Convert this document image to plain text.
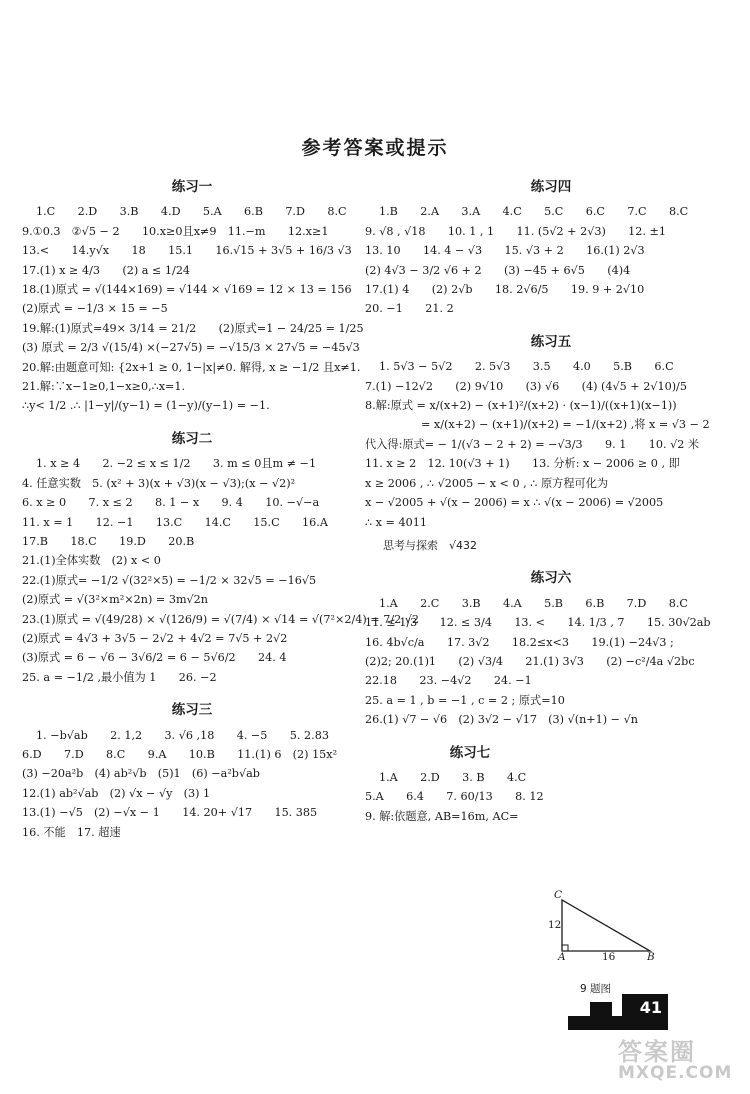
参考答案或提示
练习一
1.C　　2.D　　3.B　　4.D　　5.A　　6.B　　7.D　　8.C
9.①0.3　②√5 − 2　　10.x≥0且x≠9　11.−m　　12.x≥1
13.<　　14.y√x　　18　　15.1　　16.√15 + 3√5 + 16/3 √3
17.(1) x ≥ 4/3　　(2) a ≤ 1/24
18.(1)原式 = √(144×169) = √144 × √169 = 12 × 13 = 156
(2)原式 = −1/3 × 15 = −5
19.解:(1)原式=49× 3/14 = 21/2　　(2)原式=1 − 24/25 = 1/25
(3) 原式 = 2/3 √(15/4) ×(−27√5) = −√15/3 × 27√5 = −45√3
20.解:由题意可知: {2x+1 ≥ 0, 1−|x|≠0. 解得, x ≥ −1/2 且x≠1.
21.解:∵x−1≥0,1−x≥0,∴x=1.
∴y< 1/2 .∴ |1−y|/(y−1) = (1−y)/(y−1) = −1.
练习二
1. x ≥ 4　　2. −2 ≤ x ≤ 1/2　　3. m ≤ 0且m ≠ −1
4. 任意实数　5. (x² + 3)(x + √3)(x − √3);(x − √2)²
6. x ≥ 0　　7. x ≤ 2　　8. 1 − x　　9. 4　　10. −√−a
11. x = 1　　12. −1　　13.C　　14.C　　15.C　　16.A
17.B　　18.C　　19.D　　20.B
21.(1)全体实数　(2) x < 0
22.(1)原式= −1/2 √(32²×5) = −1/2 × 32√5 = −16√5
(2)原式 = √(3²×m²×2n) = 3m√2n
23.(1)原式 = √(49/28) × √(126/9) = √(7/4) × √14 = √(7²×2/4) = 7/2 √2
(2)原式 = 4√3 + 3√5 − 2√2 + 4√2 = 7√5 + 2√2
(3)原式 = 6 − √6 − 3√6/2 = 6 − 5√6/2　　24. 4
25. a = −1/2 ,最小值为 1　　26. −2
练习三
1. −b√ab　　2. 1,2　　3. √6 ,18　　4. −5　　5. 2.83
6.D　　7.D　　8.C　　9.A　　10.B　　11.(1) 6　(2) 15x²
(3) −20a²b　(4) ab²√b　(5)1　(6) −a²b√ab
12.(1) ab²√ab　(2) √x − √y　(3) 1
13.(1) −√5　(2) −√x − 1　　14. 20+ √17　　15. 385
16. 不能　17. 超速
练习四
1.B　　2.A　　3.A　　4.C　　5.C　　6.C　　7.C　　8.C
9. √8 , √18　　10. 1 , 1　　11. (5√2 + 2√3)　　12. ±1
13. 10　　14. 4 − √3　　15. √3 + 2　　16.(1) 2√3
(2) 4√3 − 3/2 √6 + 2　　(3) −45 + 6√5　　(4)4
17.(1) 4　　(2) 2√b　　18. 2√6/5　　19. 9 + 2√10
20. −1　　21. 2
练习五
1. 5√3 − 5√2　　2. 5√3　　3.5　　4.0　　5.B　　6.C
7.(1) −12√2　　(2) 9√10　　(3) √6　　(4) (4√5 + 2√10)/5
8.解:原式 = x/(x+2) − (x+1)²/(x+2) · (x−1)/((x+1)(x−1))
= x/(x+2) − (x+1)/(x+2) = −1/(x+2) ,将 x = √3 − 2
代入得:原式= − 1/(√3 − 2 + 2) = −√3/3　　9. 1　　10. √2 米
11. x ≥ 2　12. 10(√3 + 1)　　13. 分析: x − 2006 ≥ 0 , 即
x ≥ 2006 , ∴ √2005 − x < 0 , ∴ 原方程可化为
x − √2005 + √(x − 2006) = x ∴ √(x − 2006) = √2005
∴ x = 4011
思考与探索　√432
练习六
1.A　　2.C　　3.B　　4.A　　5.B　　6.B　　7.D　　8.C
11. ≤ 1/3　　12. ≤ 3/4　　13. <　　14. 1/3 , 7　　15. 30√2ab
16. 4b√c/a　　17. 3√2　　18.2≤x<3　　19.(1) −24√3 ;
(2)2; 20.(1)1　　(2) √3/4　　21.(1) 3√3　　(2) −c²/4a √2bc
22.18　　23. −4√2　　24. −1
25. a = 1 , b = −1 , c = 2 ; 原式=10
26.(1) √7 − √6　(2) 3√2 − √17　(3) √(n+1) − √n
练习七
1.A　　2.D　　3. B　　4.C
5.A　　6.4　　7. 60/13　　8. 12
9. 解:依题意, AB=16m, AC=
C
A	B
12
16
9 题图
41
答案圈
MXQE.COM
